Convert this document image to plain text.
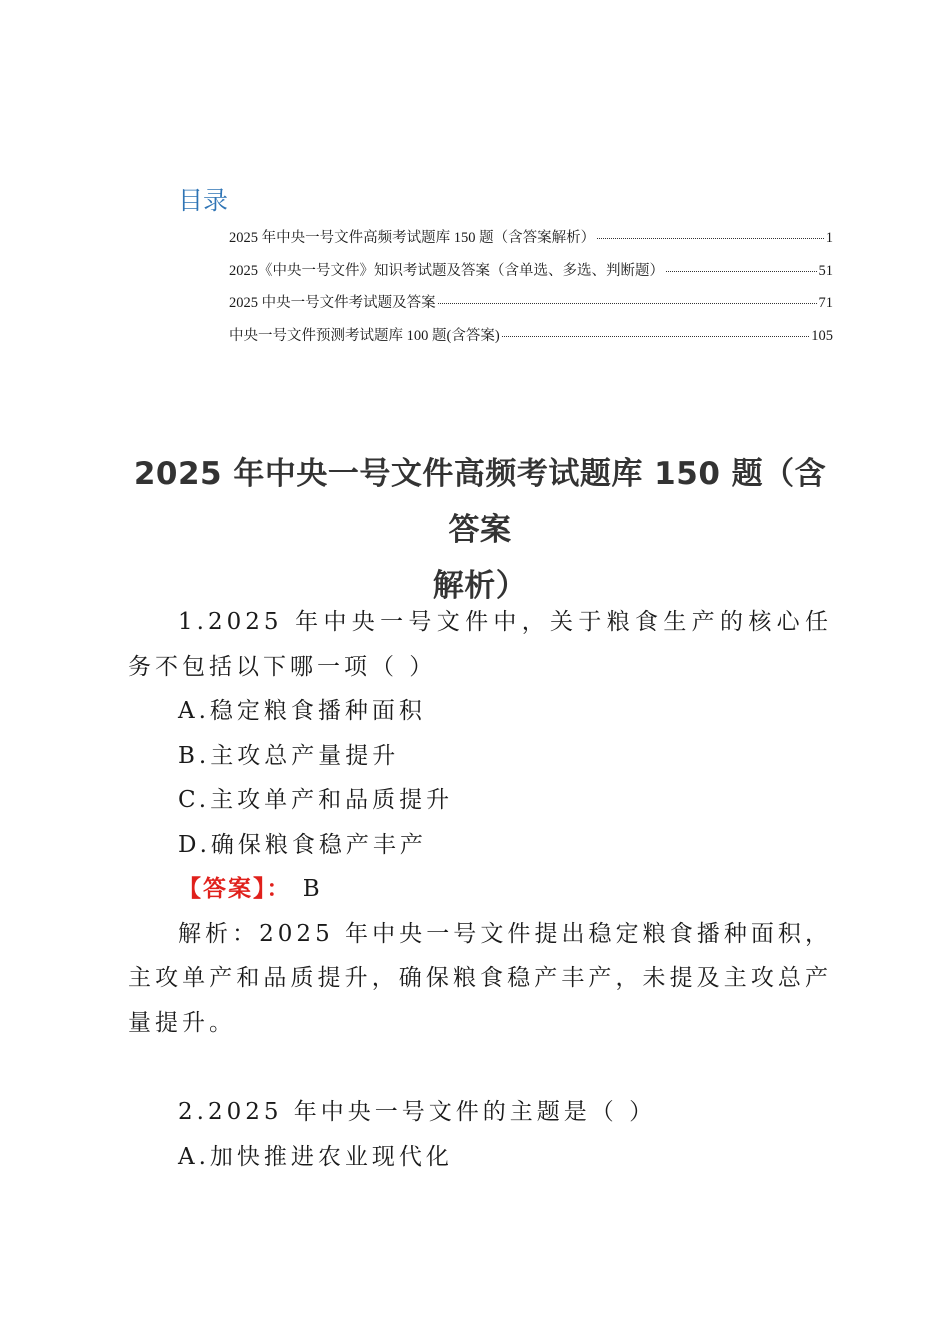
目录
2025 年中央一号文件高频考试题库 150 题（含答案解析）	1
2025《中央一号文件》知识考试题及答案（含单选、多选、判断题）	51
2025 中央一号文件考试题及答案	71
中央一号文件预测考试题库 100 题(含答案)	105
2025 年中央一号文件高频考试题库 150 题（含答案
解析）

1.2025 年中央一号文件中，关于粮食生产的核心任务不包括以下哪一项（ ）

A.稳定粮食播种面积

B.主攻总产量提升

C.主攻单产和品质提升

D.确保粮食稳产丰产

【答案】： B

解析：2025 年中央一号文件提出稳定粮食播种面积，主攻单产和品质提升，确保粮食稳产丰产，未提及主攻总产量提升。

2.2025 年中央一号文件的主题是（ ）

A.加快推进农业现代化
